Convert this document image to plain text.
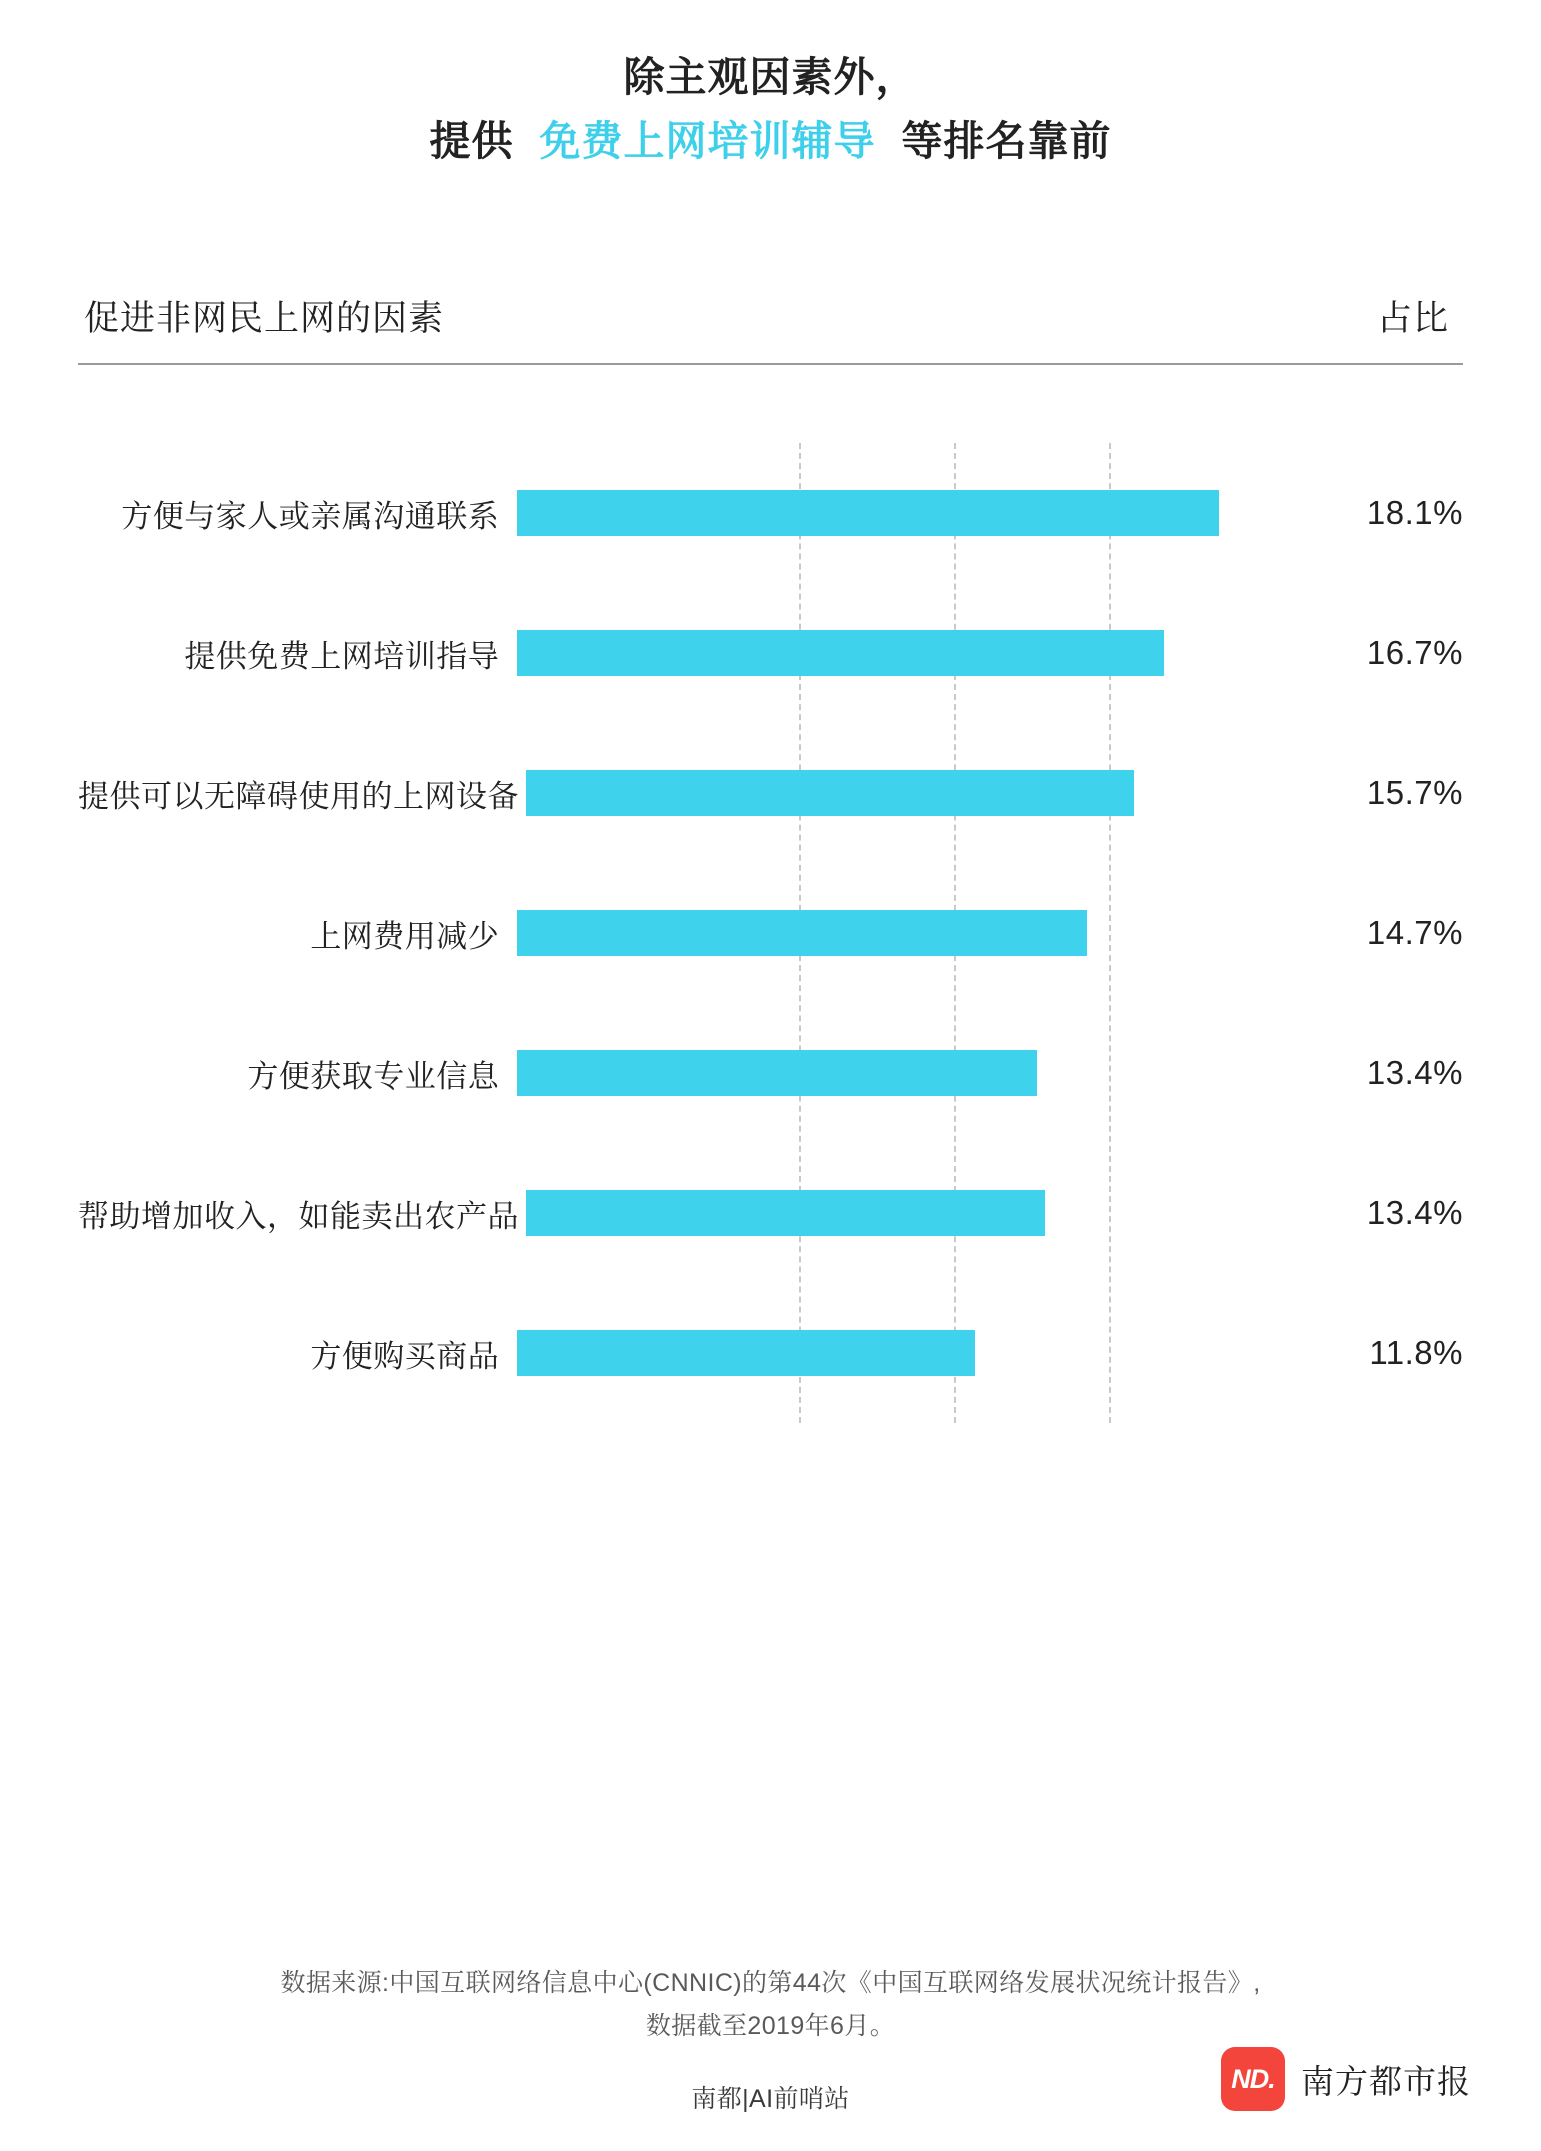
除主观因素外，
提供 免费上网培训辅导 等排名靠前
促进非网民上网的因素	占比
方便与家人或亲属沟通联系	18.1%
提供免费上网培训指导	16.7%
提供可以无障碍使用的上网设备	15.7%
上网费用减少	14.7%
方便获取专业信息	13.4%
帮助增加收入，如能卖出农产品	13.4%
方便购买商品	11.8%
数据来源:中国互联网络信息中心(CNNIC)的第44次《中国互联网络发展状况统计报告》,
数据截至2019年6月。
南都|AI前哨站
ND. 南方都市报
